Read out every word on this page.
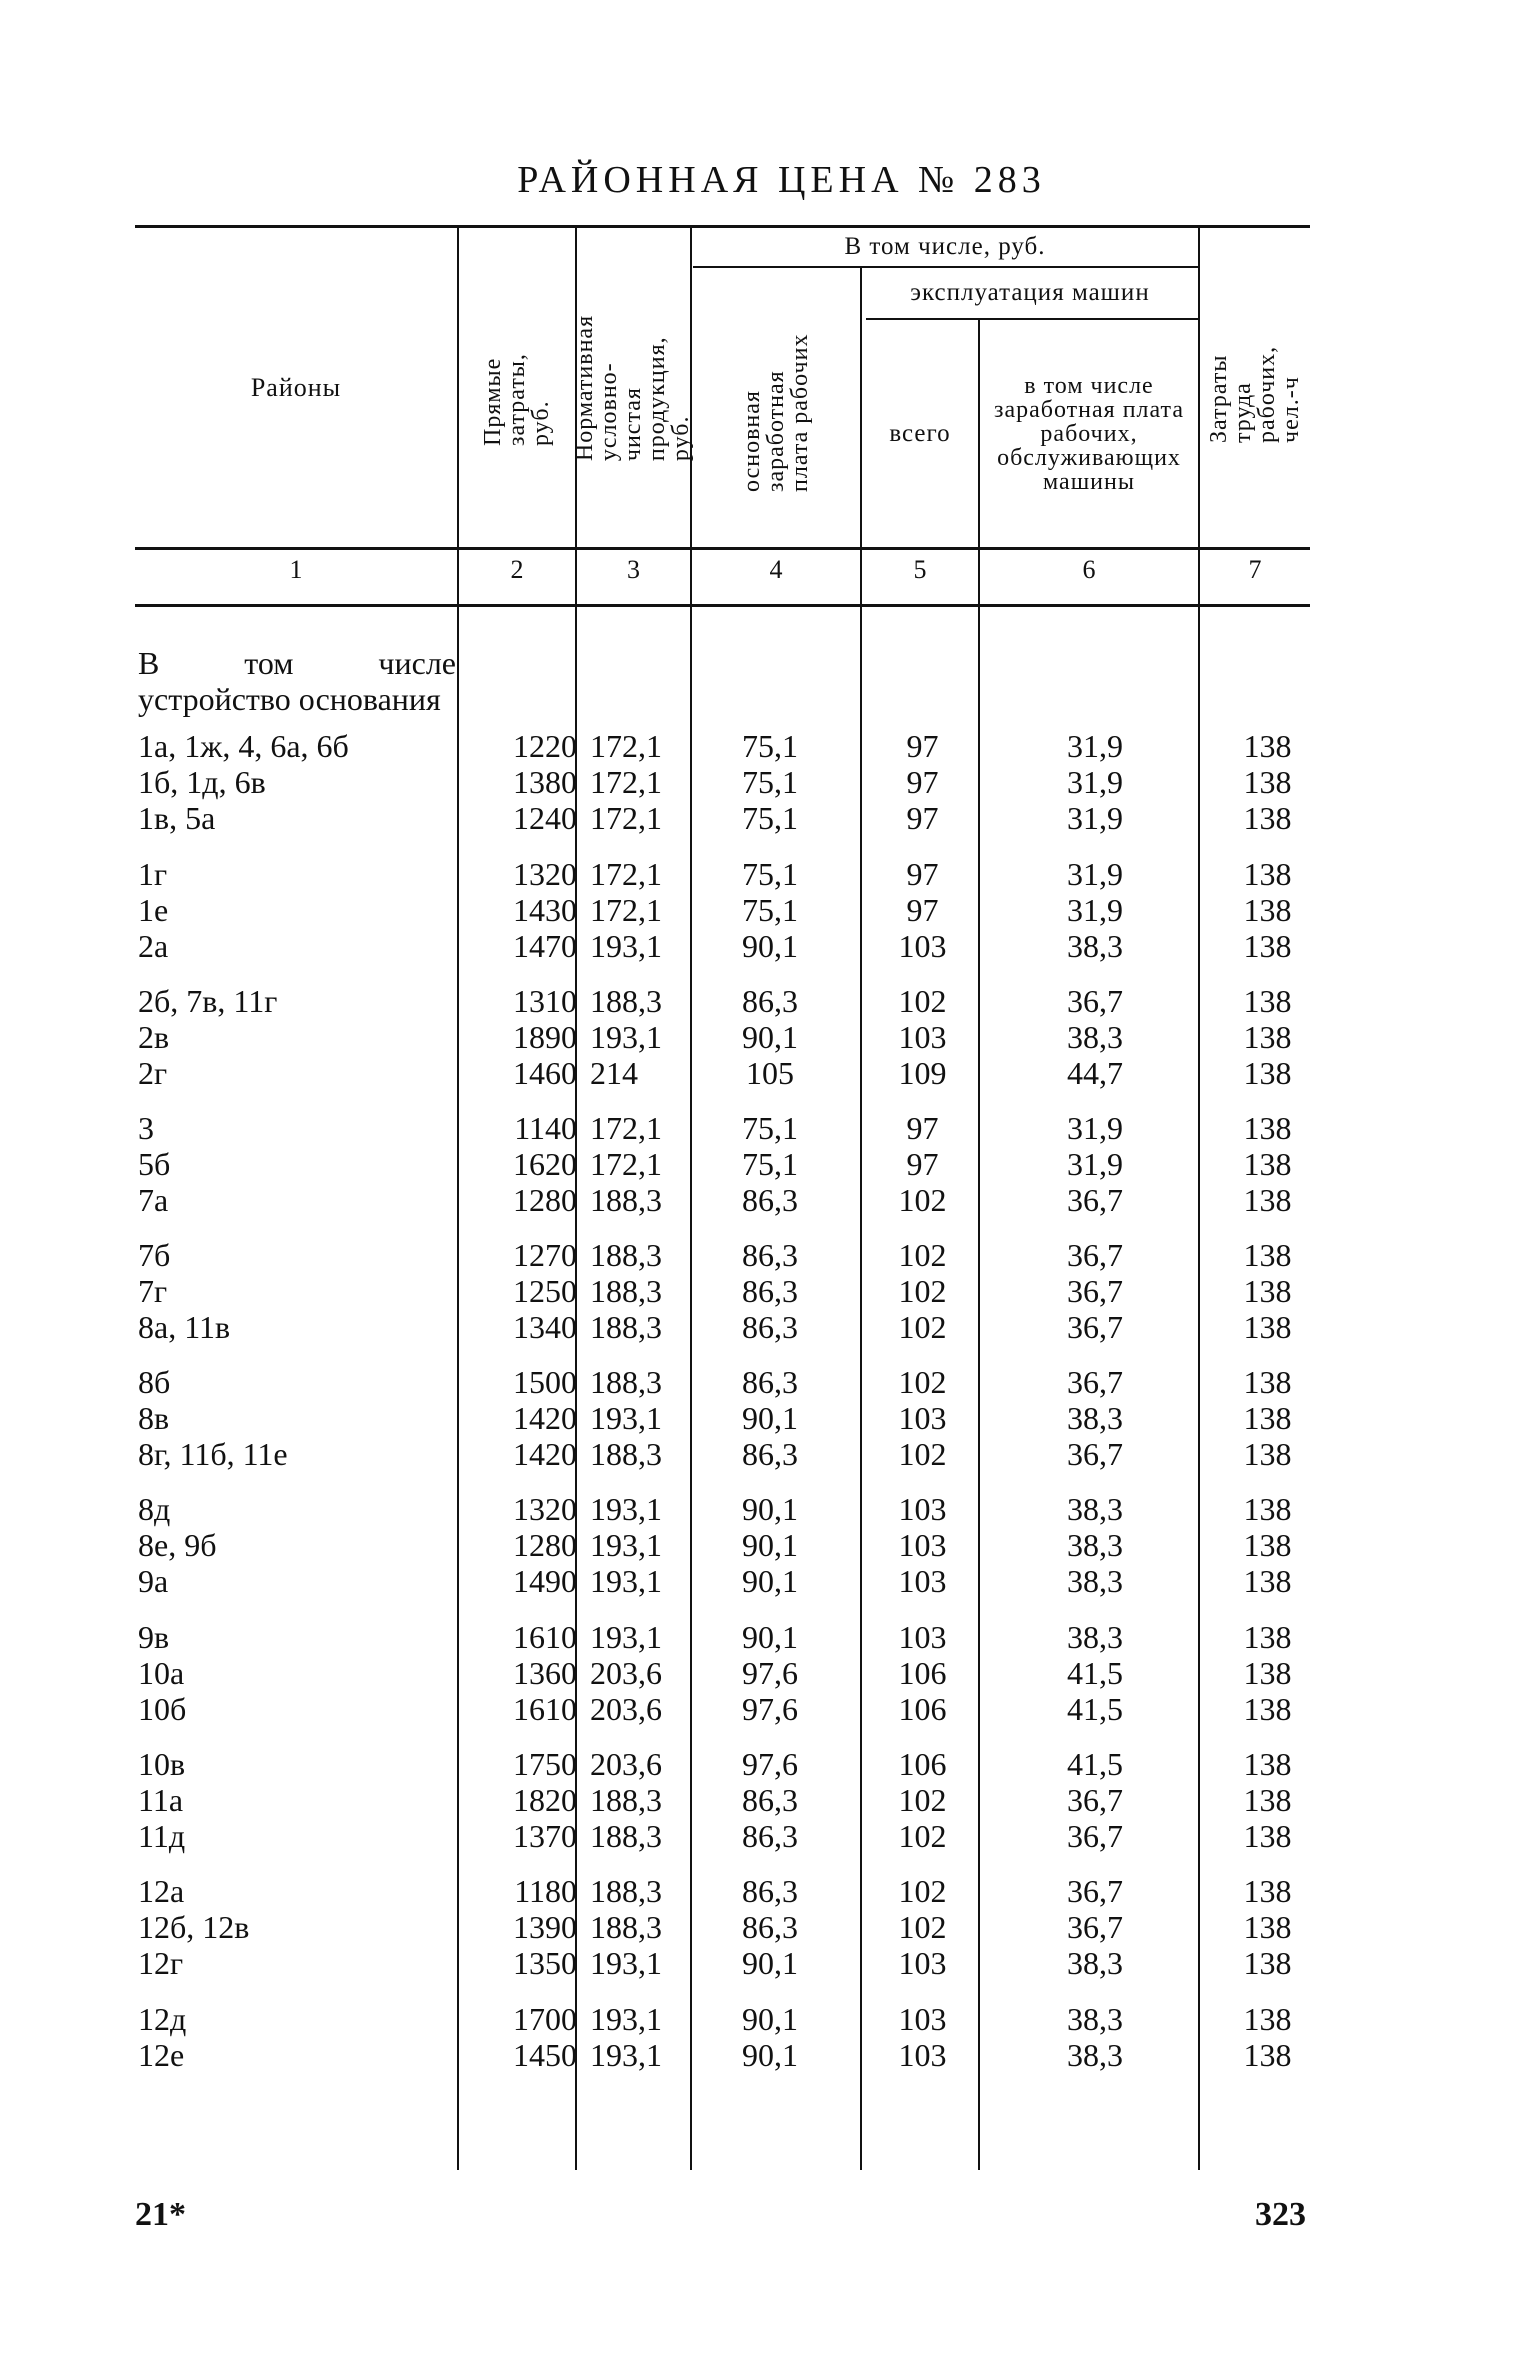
РАЙОННАЯ ЦЕНА № 283
Районы	Прямые затраты, руб. Нормативная условно-чистая продукция, руб.
В том числе, руб.
основная заработная плата рабочих
эксплуатация машин
всего
в том числе заработная плата рабочих, обслуживающих машины
Затраты труда рабочих, чел.-ч
1	2	3	4	5	6	7
В том числе устройство основания
1а, 1ж, 4, 6а, 6б	1220 172,1	75,1	97	31,9	138
1б, 1д, 6в	1380 172,1	75,1	97	31,9	138
1в, 5а	1240 172,1	75,1	97	31,9	138
1г	1320 172,1	75,1	97	31,9	138
1е	1430 172,1	75,1	97	31,9	138
2а	1470 193,1	90,1	103	38,3	138
2б, 7в, 11г	1310 188,3	86,3	102	36,7	138
2в	1890 193,1	90,1	103	38,3	138
2г	1460 214	105	109	44,7	138
3	1140 172,1	75,1	97	31,9	138
5б	1620 172,1	75,1	97	31,9	138
7а	1280 188,3	86,3	102	36,7	138
7б	1270 188,3	86,3	102	36,7	138
7г	1250 188,3	86,3	102	36,7	138
8а, 11в	1340 188,3	86,3	102	36,7	138
8б	1500 188,3	86,3	102	36,7	138
8в	1420 193,1	90,1	103	38,3	138
8г, 11б, 11е	1420 188,3	86,3	102	36,7	138
8д	1320 193,1	90,1	103	38,3	138
8е, 9б	1280 193,1	90,1	103	38,3	138
9а	1490 193,1	90,1	103	38,3	138
9в	1610 193,1	90,1	103	38,3	138
10а	1360 203,6	97,6	106	41,5	138
10б	1610 203,6	97,6	106	41,5	138
10в	1750 203,6	97,6	106	41,5	138
11а	1820 188,3	86,3	102	36,7	138
11д	1370 188,3	86,3	102	36,7	138
12а	1180 188,3	86,3	102	36,7	138
12б, 12в	1390 188,3	86,3	102	36,7	138
12г	1350 193,1	90,1	103	38,3	138
12д	1700 193,1	90,1	103	38,3	138
12е	1450 193,1	90,1	103	38,3	138
21*	323
